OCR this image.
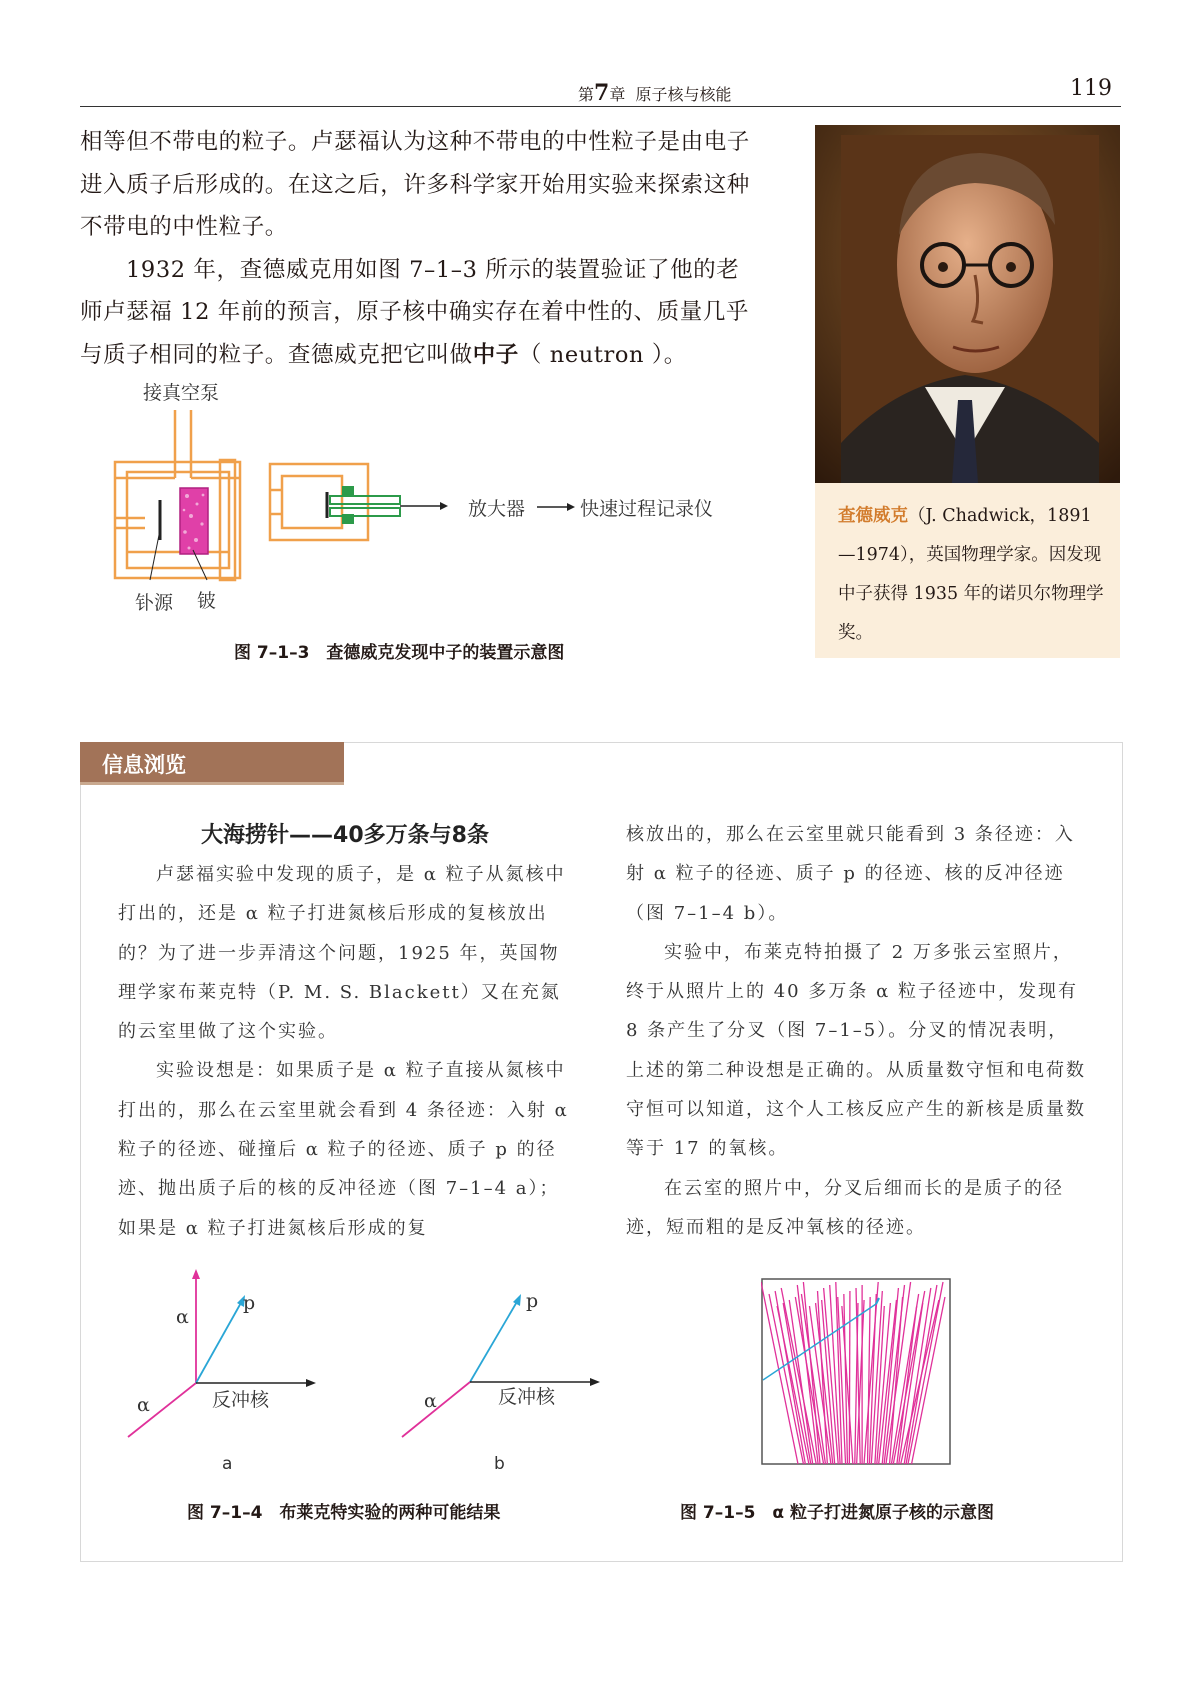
第7章 原子核与核能	119

相等但不带电的粒子。卢瑟福认为这种不带电的中性粒子是由电子进入质子后形成的。在这之后，许多科学家开始用实验来探索这种不带电的中性粒子。

1932 年，查德威克用如图 7–1–3 所示的装置验证了他的老师卢瑟福 12 年前的预言，原子核中确实存在着中性的、质量几乎与质子相同的粒子。查德威克把它叫做中子（ neutron ）。

查德威克（J. Chadwick，1891—1974），英国物理学家。因发现中子获得 1935 年的诺贝尔物理学奖。
接真空泵
放大器	快速过程记录仪
钋源 铍
图 7–1–3　查德威克发现中子的装置示意图
信息浏览
大海捞针——40多万条与8条

卢瑟福实验中发现的质子，是 α 粒子从氮核中打出的，还是 α 粒子打进氮核后形成的复核放出的？为了进一步弄清这个问题，1925 年，英国物理学家布莱克特（P. M. S. Blackett）又在充氮的云室里做了这个实验。

实验设想是：如果质子是 α 粒子直接从氮核中打出的，那么在云室里就会看到 4 条径迹：入射 α 粒子的径迹、碰撞后 α 粒子的径迹、质子 p 的径迹、抛出质子后的核的反冲径迹（图 7–1–4 a）；如果是 α 粒子打进氮核后形成的复

核放出的，那么在云室里就只能看到 3 条径迹：入射 α 粒子的径迹、质子 p 的径迹、核的反冲径迹（图 7–1–4 b）。

实验中，布莱克特拍摄了 2 万多张云室照片，终于从照片上的 40 多万条 α 粒子径迹中，发现有 8 条产生了分叉（图 7–1–5）。分叉的情况表明，上述的第二种设想是正确的。从质量数守恒和电荷数守恒可以知道，这个人工核反应产生的新核是质量数等于 17 的氧核。

在云室的照片中，分叉后细而长的是质子的径迹，短而粗的是反冲氧核的径迹。

α
p
α	反冲核
a
α
p
反冲核
b
图 7–1–4　布莱克特实验的两种可能结果	图 7–1–5　α 粒子打进氮原子核的示意图
